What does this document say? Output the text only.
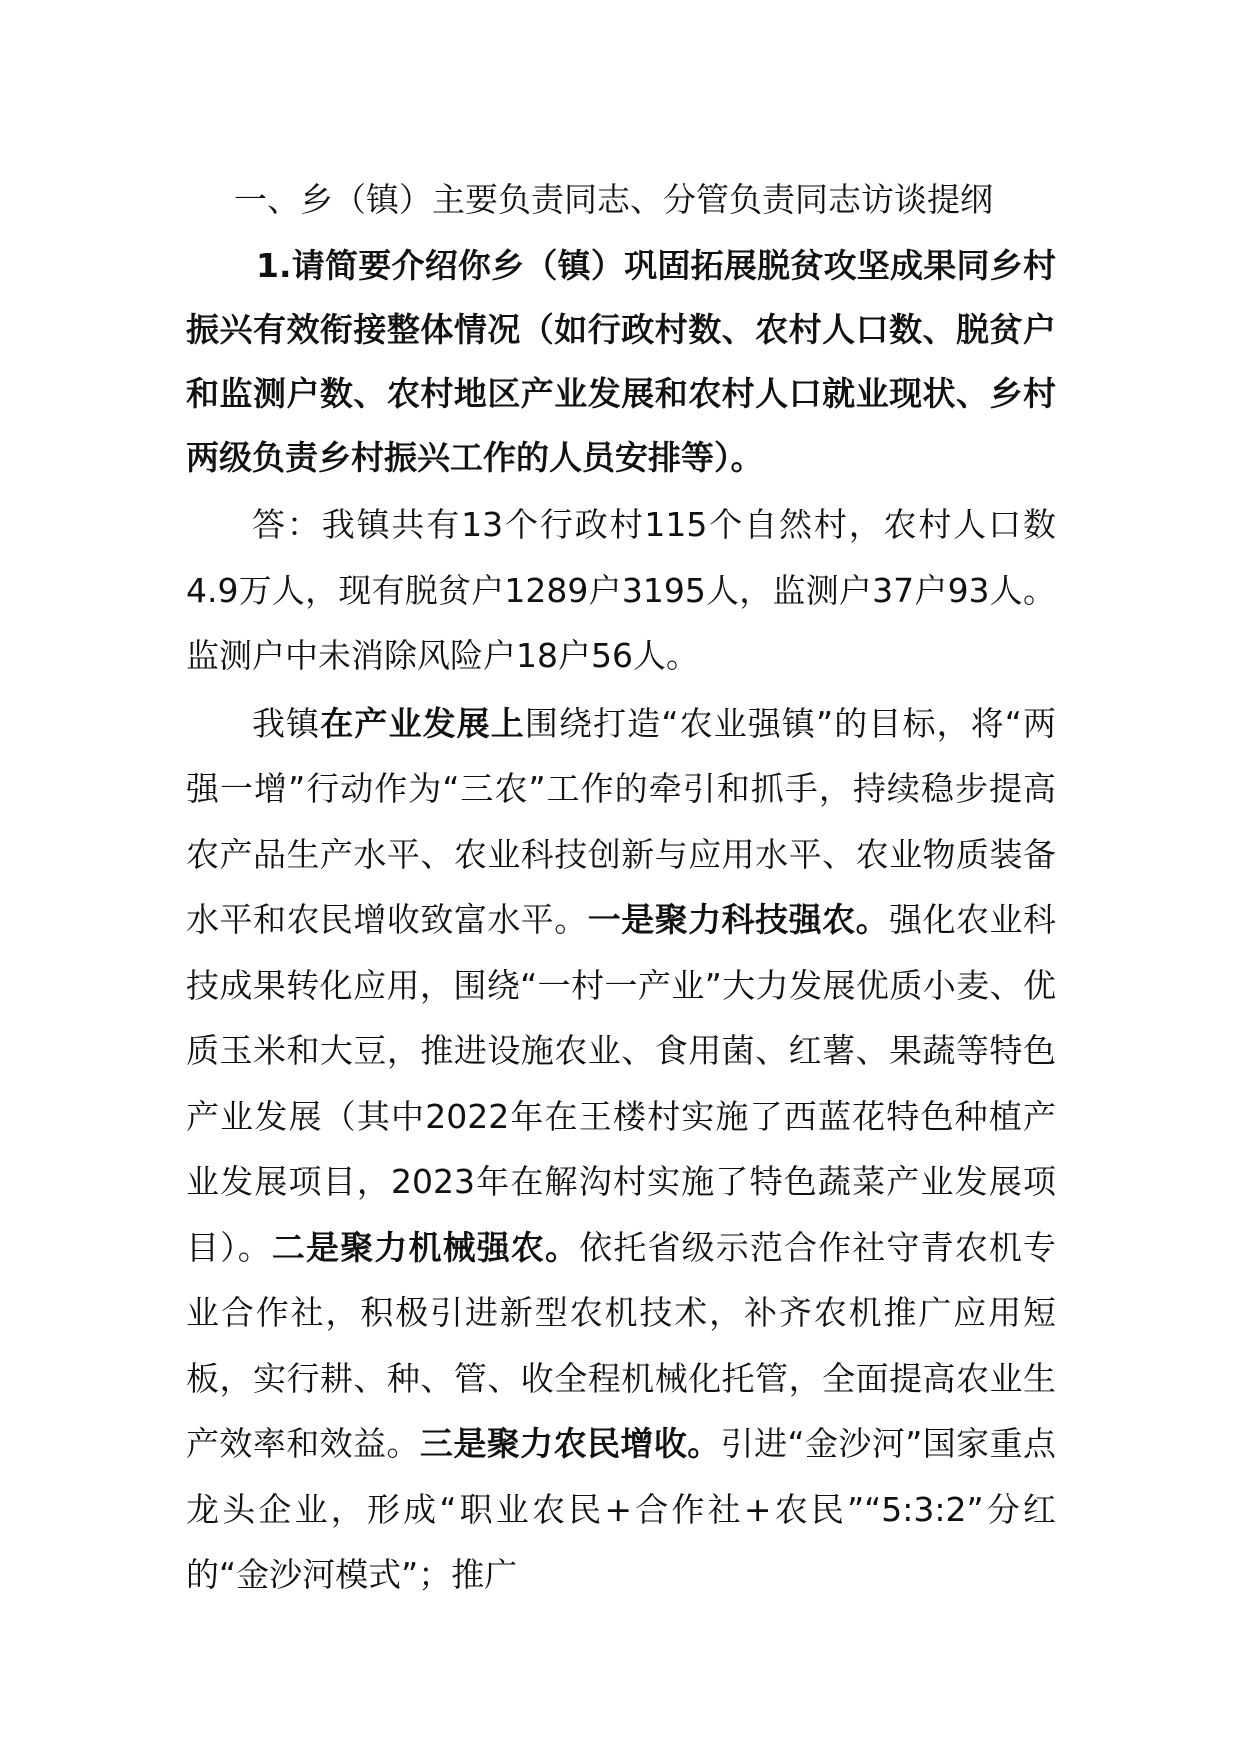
一、乡（镇）主要负责同志、分管负责同志访谈提纲

1.请简要介绍你乡（镇）巩固拓展脱贫攻坚成果同乡村振兴有效衔接整体情况（如行政村数、农村人口数、脱贫户和监测户数、农村地区产业发展和农村人口就业现状、乡村两级负责乡村振兴工作的人员安排等）。

答：我镇共有13个行政村115个自然村，农村人口数4.9万人，现有脱贫户1289户3195人，监测户37户93人。监测户中未消除风险户18户56人。

我镇在产业发展上围绕打造“农业强镇”的目标，将“两强一增”行动作为“三农”工作的牵引和抓手，持续稳步提高农产品生产水平、农业科技创新与应用水平、农业物质装备水平和农民增收致富水平。一是聚力科技强农。强化农业科技成果转化应用，围绕“一村一产业”大力发展优质小麦、优质玉米和大豆，推进设施农业、食用菌、红薯、果蔬等特色产业发展（其中2022年在王楼村实施了西蓝花特色种植产业发展项目，2023年在解沟村实施了特色蔬菜产业发展项目）。二是聚力机械强农。依托省级示范合作社守青农机专业合作社，积极引进新型农机技术，补齐农机推广应用短板，实行耕、种、管、收全程机械化托管，全面提高农业生产效率和效益。三是聚力农民增收。引进“金沙河”国家重点龙头企业，形成“职业农民+合作社+农民”“5:3:2”分红的“金沙河模式”；推广
